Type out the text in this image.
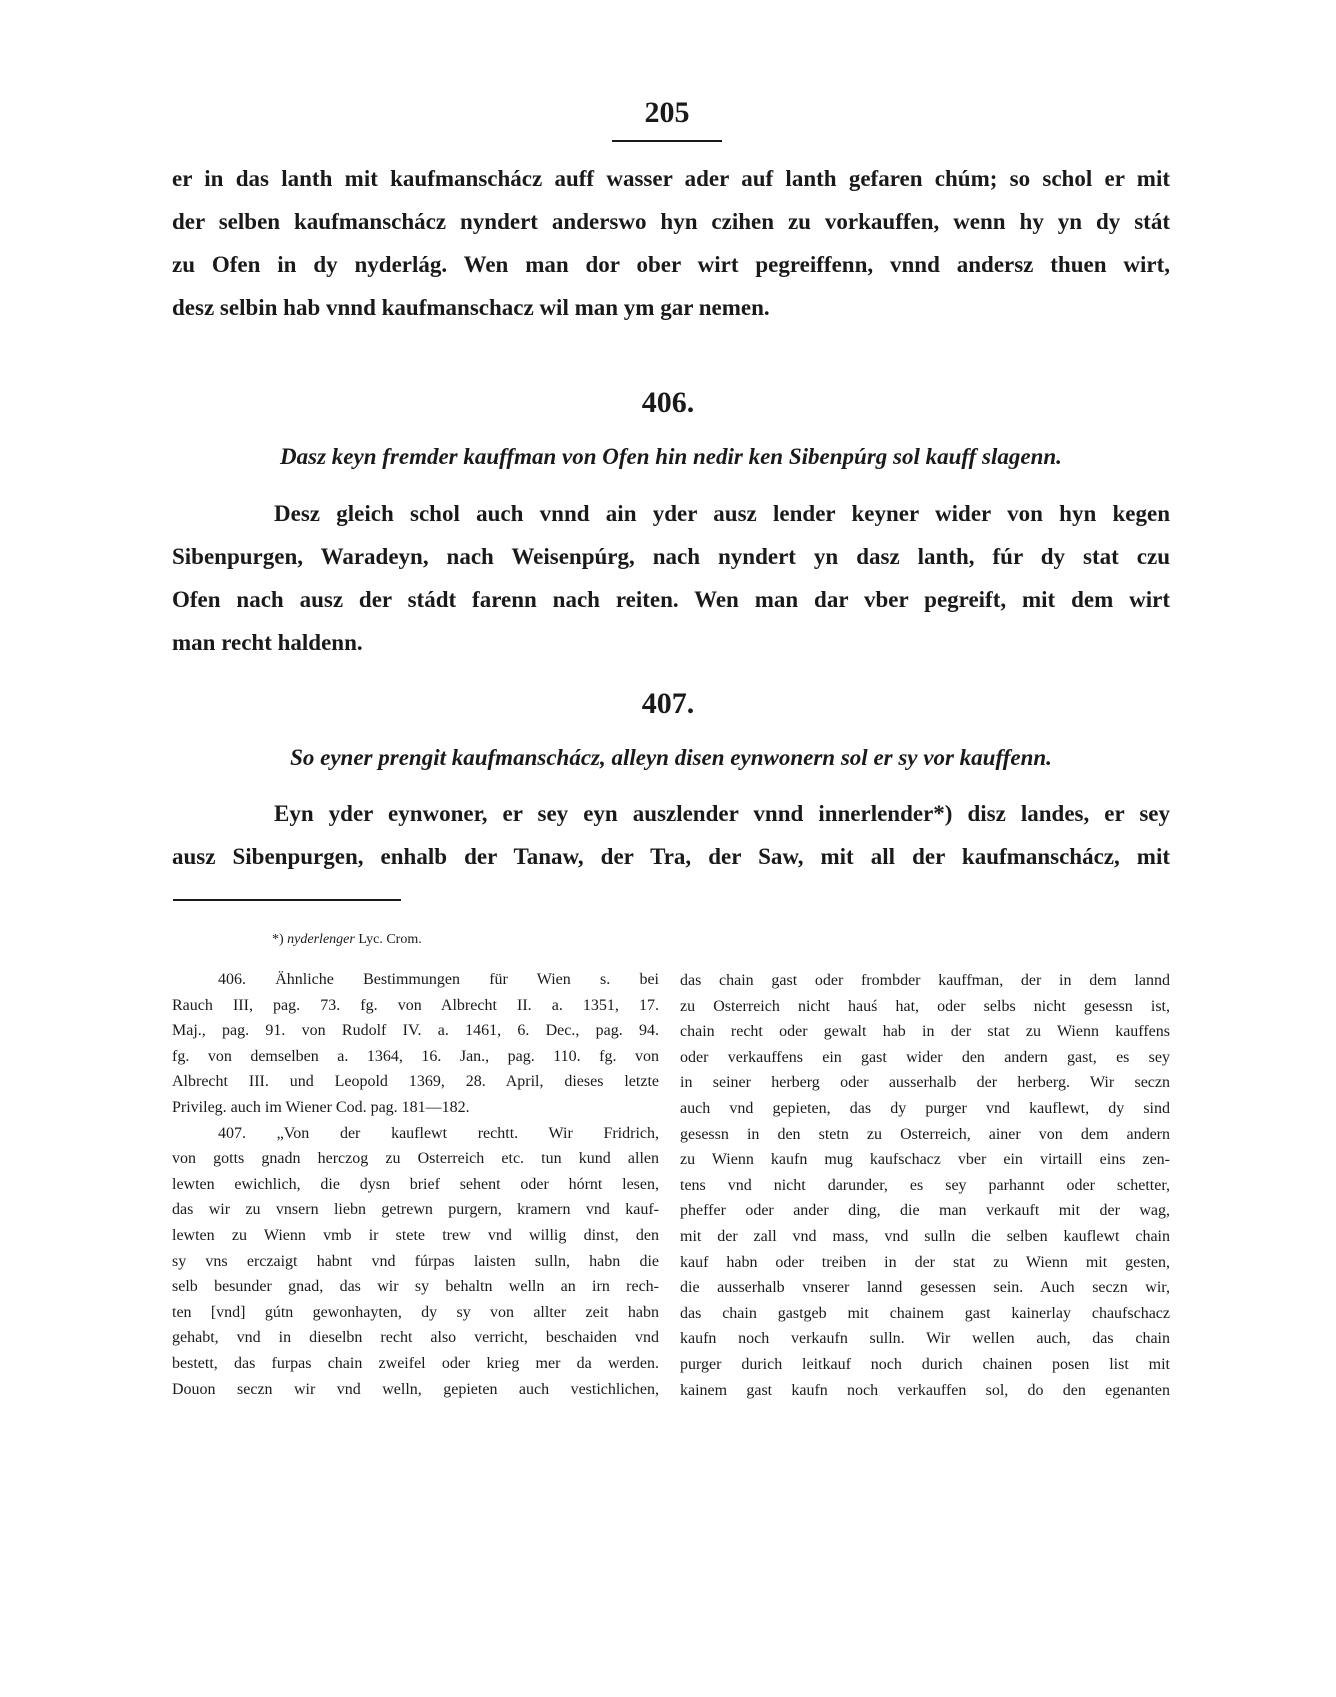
205

er in das lanth mit kaufmanschácz auff wasser ader auf lanth gefaren chúm; so schol er mit
der selben kaufmanschácz nyndert anderswo hyn czihen zu vorkauffen, wenn hy yn dy stát
zu Ofen in dy nyderlág. Wen man dor ober wirt pegreiffenn, vnnd andersz thuen wirt,
desz selbin hab vnnd kaufmanschacz wil man ym gar nemen.

406.
Dasz keyn fremder kauffman von Ofen hin nedir ken Sibenpúrg sol kauff slagenn.

Desz gleich schol auch vnnd ain yder ausz lender keyner wider von hyn kegen
Sibenpurgen, Waradeyn, nach Weisenpúrg, nach nyndert yn dasz lanth, fúr dy stat czu
Ofen nach ausz der stádt farenn nach reiten. Wen man dar vber pegreift, mit dem wirt
man recht haldenn.

407.
So eyner prengit kaufmanschácz, alleyn disen eynwonern sol er sy vor kauffenn.

Eyn yder eynwoner, er sey eyn auszlender vnnd innerlender*) disz landes, er sey
ausz Sibenpurgen, enhalb der Tanaw, der Tra, der Saw, mit all der kaufmanschácz, mit

*) nyderlenger Lyc. Crom.

406. Ähnliche Bestimmungen für Wien s. bei
Rauch III, pag. 73. fg. von Albrecht II. a. 1351, 17.
Maj., pag. 91. von Rudolf IV. a. 1461, 6. Dec., pag. 94.
fg. von demselben a. 1364, 16. Jan., pag. 110. fg. von
Albrecht III. und Leopold 1369, 28. April, dieses letzte
Privileg. auch im Wiener Cod. pag. 181—182.
407. „Von der kauflewt rechtt. Wir Fridrich,
von gotts gnadn herczog zu Osterreich etc. tun kund allen
lewten ewichlich, die dysn brief sehent oder hórnt lesen,
das wir zu vnsern liebn getrewn purgern, kramern vnd kauf-
lewten zu Wienn vmb ir stete trew vnd willig dinst, den
sy vns erczaigt habnt vnd fúrpas laisten sulln, habn die
selb besunder gnad, das wir sy behaltn welln an irn rech-
ten [vnd] gútn gewonhayten, dy sy von allter zeit habn
gehabt, vnd in dieselbn recht also verricht, beschaiden vnd
bestett, das furpas chain zweifel oder krieg mer da werden.
Douon seczn wir vnd welln, gepieten auch vestichlichen,

das chain gast oder frombder kauffman, der in dem lannd
zu Osterreich nicht hauś hat, oder selbs nicht gesessn ist,
chain recht oder gewalt hab in der stat zu Wienn kauffens
oder verkauffens ein gast wider den andern gast, es sey
in seiner herberg oder ausserhalb der herberg. Wir seczn
auch vnd gepieten, das dy purger vnd kauflewt, dy sind
gesessn in den stetn zu Osterreich, ainer von dem andern
zu Wienn kaufn mug kaufschacz vber ein virtaill eins zen-
tens vnd nicht darunder, es sey parhannt oder schetter,
pheffer oder ander ding, die man verkauft mit der wag,
mit der zall vnd mass, vnd sulln die selben kauflewt chain
kauf habn oder treiben in der stat zu Wienn mit gesten,
die ausserhalb vnserer lannd gesessen sein. Auch seczn wir,
das chain gastgeb mit chainem gast kainerlay chaufschacz
kaufn noch verkaufn sulln. Wir wellen auch, das chain
purger durich leitkauf noch durich chainen posen list mit
kainem gast kaufn noch verkauffen sol, do den egenanten
